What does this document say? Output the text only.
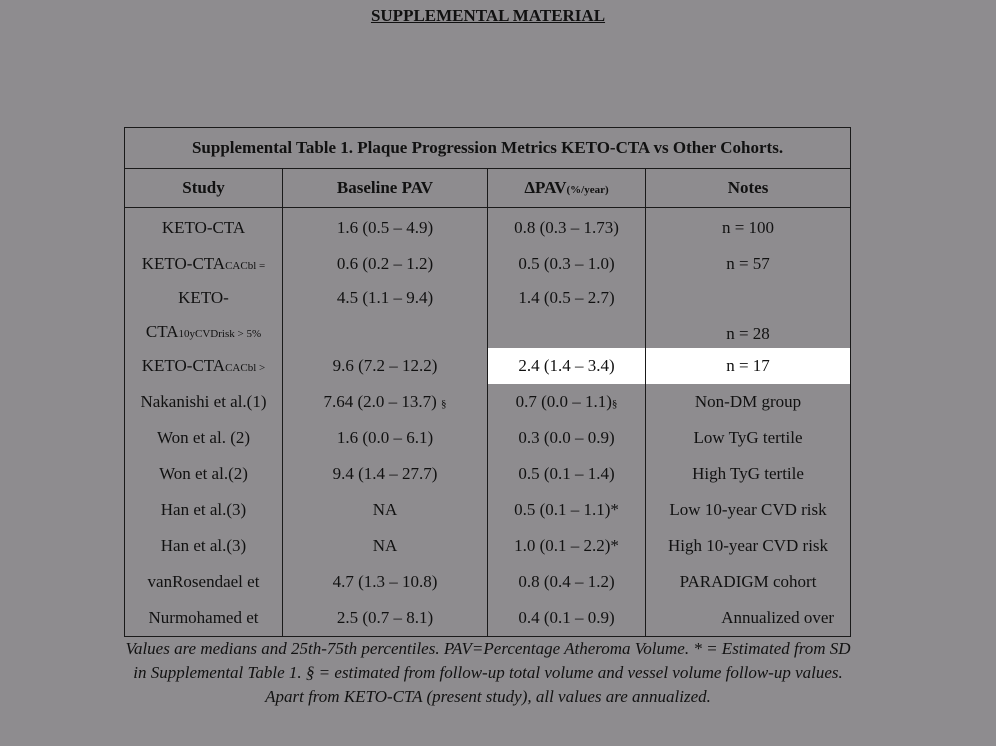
SUPPLEMENTAL MATERIAL
Supplemental Table 1. Plaque Progression Metrics KETO-CTA vs Other Cohorts.			
Study	Baseline PAV	ΔPAV(%/year)	Notes
KETO-CTA	1.6 (0.5 – 4.9)	0.8 (0.3 – 1.73)	n = 100
KETO-CTACACbl =	0.6 (0.2 – 1.2)	0.5 (0.3 – 1.0)	n = 57

KETO-
CTA10yCVDrisk > 5%	4.5 (1.1 – 9.4)	1.4 (0.5 – 2.7)	n = 28
KETO-CTACACbl >	9.6 (7.2 – 12.2)	2.4 (1.4 – 3.4)	n = 17
Nakanishi et al.(1)	7.64 (2.0 – 13.7) §	0.7 (0.0 – 1.1)§	Non-DM group
Won et al. (2)	1.6 (0.0 – 6.1)	0.3 (0.0 – 0.9)	Low TyG tertile
Won et al.(2)	9.4 (1.4 – 27.7)	0.5 (0.1 – 1.4)	High TyG tertile
Han et al.(3)	NA	0.5 (0.1 – 1.1)*	Low 10-year CVD risk
Han et al.(3)	NA	1.0 (0.1 – 2.2)*	High 10-year CVD risk
vanRosendael et	4.7 (1.3 – 10.8)	0.8 (0.4 – 1.2)	PARADIGM cohort
Nurmohamed et	2.5 (0.7 – 8.1)	0.4 (0.1 – 0.9)	Annualized over
Values are medians and 25th-75th percentiles. PAV=Percentage Atheroma Volume. * = Estimated from SD in Supplemental Table 1. § = estimated from follow-up total volume and vessel volume follow-up values. Apart from KETO-CTA (present study), all values are annualized.
